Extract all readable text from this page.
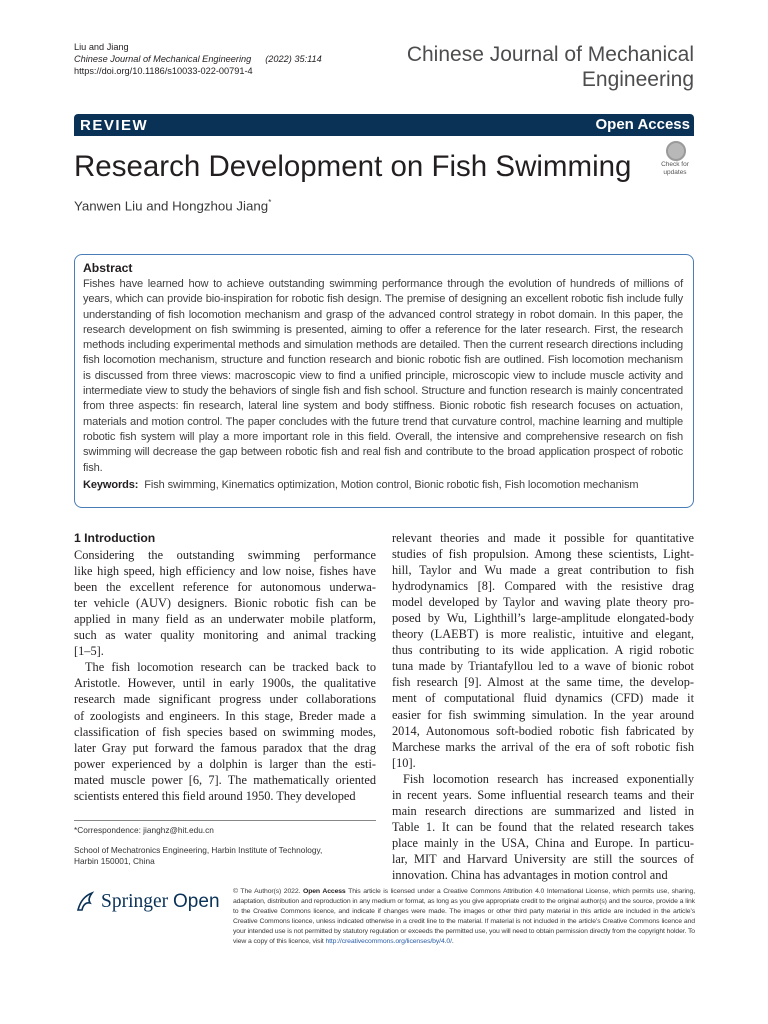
Liu and Jiang
Chinese Journal of Mechanical Engineering (2022) 35:114
https://doi.org/10.1186/s10033-022-00791-4
Chinese Journal of Mechanical
Engineering
REVIEW	Open Access
Research Development on Fish Swimming
Yanwen Liu and Hongzhou Jiang*
Check for
updates
Abstract
Fishes have learned how to achieve outstanding swimming performance through the evolution of hundreds of millions of years, which can provide bio-inspiration for robotic fish design. The premise of designing an excellent robotic fish include fully understanding of fish locomotion mechanism and grasp of the advanced control strategy in robot domain. In this paper, the research development on fish swimming is presented, aiming to offer a reference for the later research. First, the research methods including experimental methods and simulation methods are detailed. Then the current research directions including fish locomotion mechanism, structure and function research and bionic robotic fish are outlined. Fish locomotion mechanism is discussed from three views: macroscopic view to find a unified principle, microscopic view to include muscle activity and intermediate view to study the behaviors of single fish and fish school. Structure and function research is mainly concentrated from three aspects: fin research, lateral line system and body stiffness. Bionic robotic fish research focuses on actuation, materials and motion control. The paper concludes with the future trend that curvature control, machine learning and multiple robotic fish system will play a more important role in this field. Overall, the intensive and comprehensive research on fish swimming will decrease the gap between robotic fish and real fish and contribute to the broad application prospect of robotic fish.
Keywords: Fish swimming, Kinematics optimization, Motion control, Bionic robotic fish, Fish locomotion mechanism
1 Introduction
Considering the outstanding swimming performance
like high speed, high efficiency and low noise, fishes have
been the excellent reference for autonomous underwa-
ter vehicle (AUV) designers. Bionic robotic fish can be
applied in many field as an underwater mobile platform,
such as water quality monitoring and animal tracking
[1–5].
The fish locomotion research can be tracked back to
Aristotle. However, until in early 1900s, the qualitative
research made significant progress under collaborations
of zoologists and engineers. In this stage, Breder made a
classification of fish species based on swimming modes,
later Gray put forward the famous paradox that the drag
power experienced by a dolphin is larger than the esti-
mated muscle power [6, 7]. The mathematically oriented
scientists entered this field around 1950. They developed
relevant theories and made it possible for quantitative
studies of fish propulsion. Among these scientists, Light-
hill, Taylor and Wu made a great contribution to fish
hydrodynamics [8]. Compared with the resistive drag
model developed by Taylor and waving plate theory pro-
posed by Wu, Lighthill’s large-amplitude elongated-body
theory (LAEBT) is more realistic, intuitive and elegant,
thus contributing to its wide application. A rigid robotic
tuna made by Triantafyllou led to a wave of bionic robot
fish research [9]. Almost at the same time, the develop-
ment of computational fluid dynamics (CFD) made it
easier for fish swimming simulation. In the year around
2014, Autonomous soft-bodied robotic fish fabricated by
Marchese marks the arrival of the era of soft robotic fish
[10].
Fish locomotion research has increased exponentially
in recent years. Some influential research teams and their
main research directions are summarized and listed in
Table 1. It can be found that the related research takes
place mainly in the USA, China and Europe. In particu-
lar, MIT and Harvard University are still the sources of
innovation. China has advantages in motion control and
*Correspondence: jianghz@hit.edu.cn
School of Mechatronics Engineering, Harbin Institute of Technology,
Harbin 150001, China
Springer Open © The Author(s) 2022. Open Access This article is licensed under a Creative Commons Attribution 4.0 International License, which permits use, sharing, adaptation, distribution and reproduction in any medium or format, as long as you give appropriate credit to the original author(s) and the source, provide a link to the Creative Commons licence, and indicate if changes were made. The images or other third party material in this article are included in the article’s Creative Commons licence, unless indicated otherwise in a credit line to the material. If material is not included in the article’s Creative Commons licence and your intended use is not permitted by statutory regulation or exceeds the permitted use, you will need to obtain permission directly from the copyright holder. To view a copy of this licence, visit http://creativecommons.org/licenses/by/4.0/.
